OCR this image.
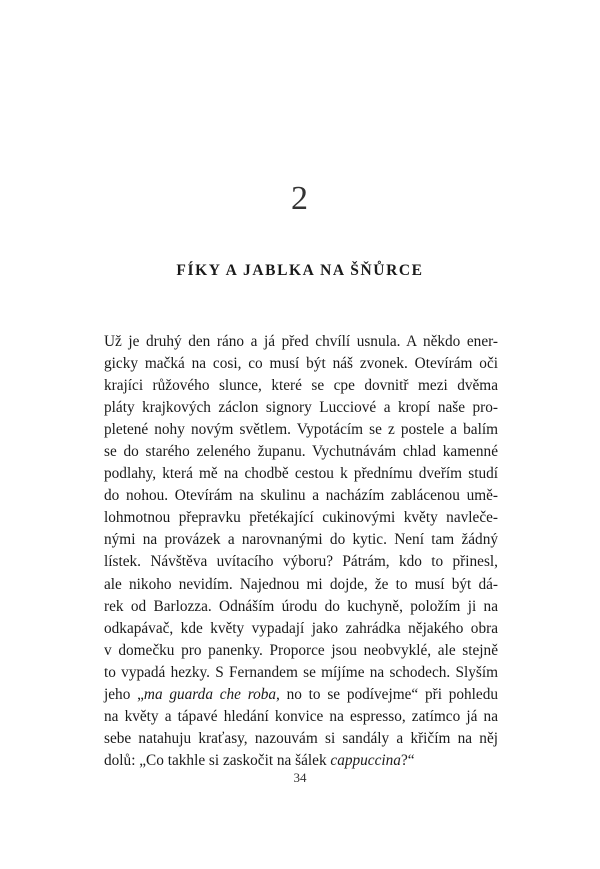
2
FÍKY A JABLKA NA ŠŇŮRCE
Už je druhý den ráno a já před chvílí usnula. A někdo ener-
gicky mačká na cosi, co musí být náš zvonek. Otevírám oči
krajíci růžového slunce, které se cpe dovnitř mezi dvěma
pláty krajkových záclon signory Lucciové a kropí naše pro-
pletené nohy novým světlem. Vypotácím se z postele a balím
se do starého zeleného županu. Vychutnávám chlad kamenné
podlahy, která mě na chodbě cestou k přednímu dveřím studí
do nohou. Otevírám na skulinu a nacházím zablácenou umě-
lohmotnou přepravku přetékající cukinovými květy navleče-
nými na provázek a narovnanými do kytic. Není tam žádný
lístek. Návštěva uvítacího výboru? Pátrám, kdo to přinesl,
ale nikoho nevidím. Najednou mi dojde, že to musí být dá-
rek od Barlozza. Odnáším úrodu do kuchyně, položím ji na
odkapávač, kde květy vypadají jako zahrádka nějakého obra
v domečku pro panenky. Proporce jsou neobvyklé, ale stejně
to vypadá hezky. S Fernandem se míjíme na schodech. Slyším
jeho „ma guarda che roba, no to se podívejme“ při pohledu
na květy a tápavé hledání konvice na espresso, zatímco já na
sebe natahuju kraťasy, nazouvám si sandály a křičím na něj
dolů: „Co takhle si zaskočit na šálek cappuccina?“
34
